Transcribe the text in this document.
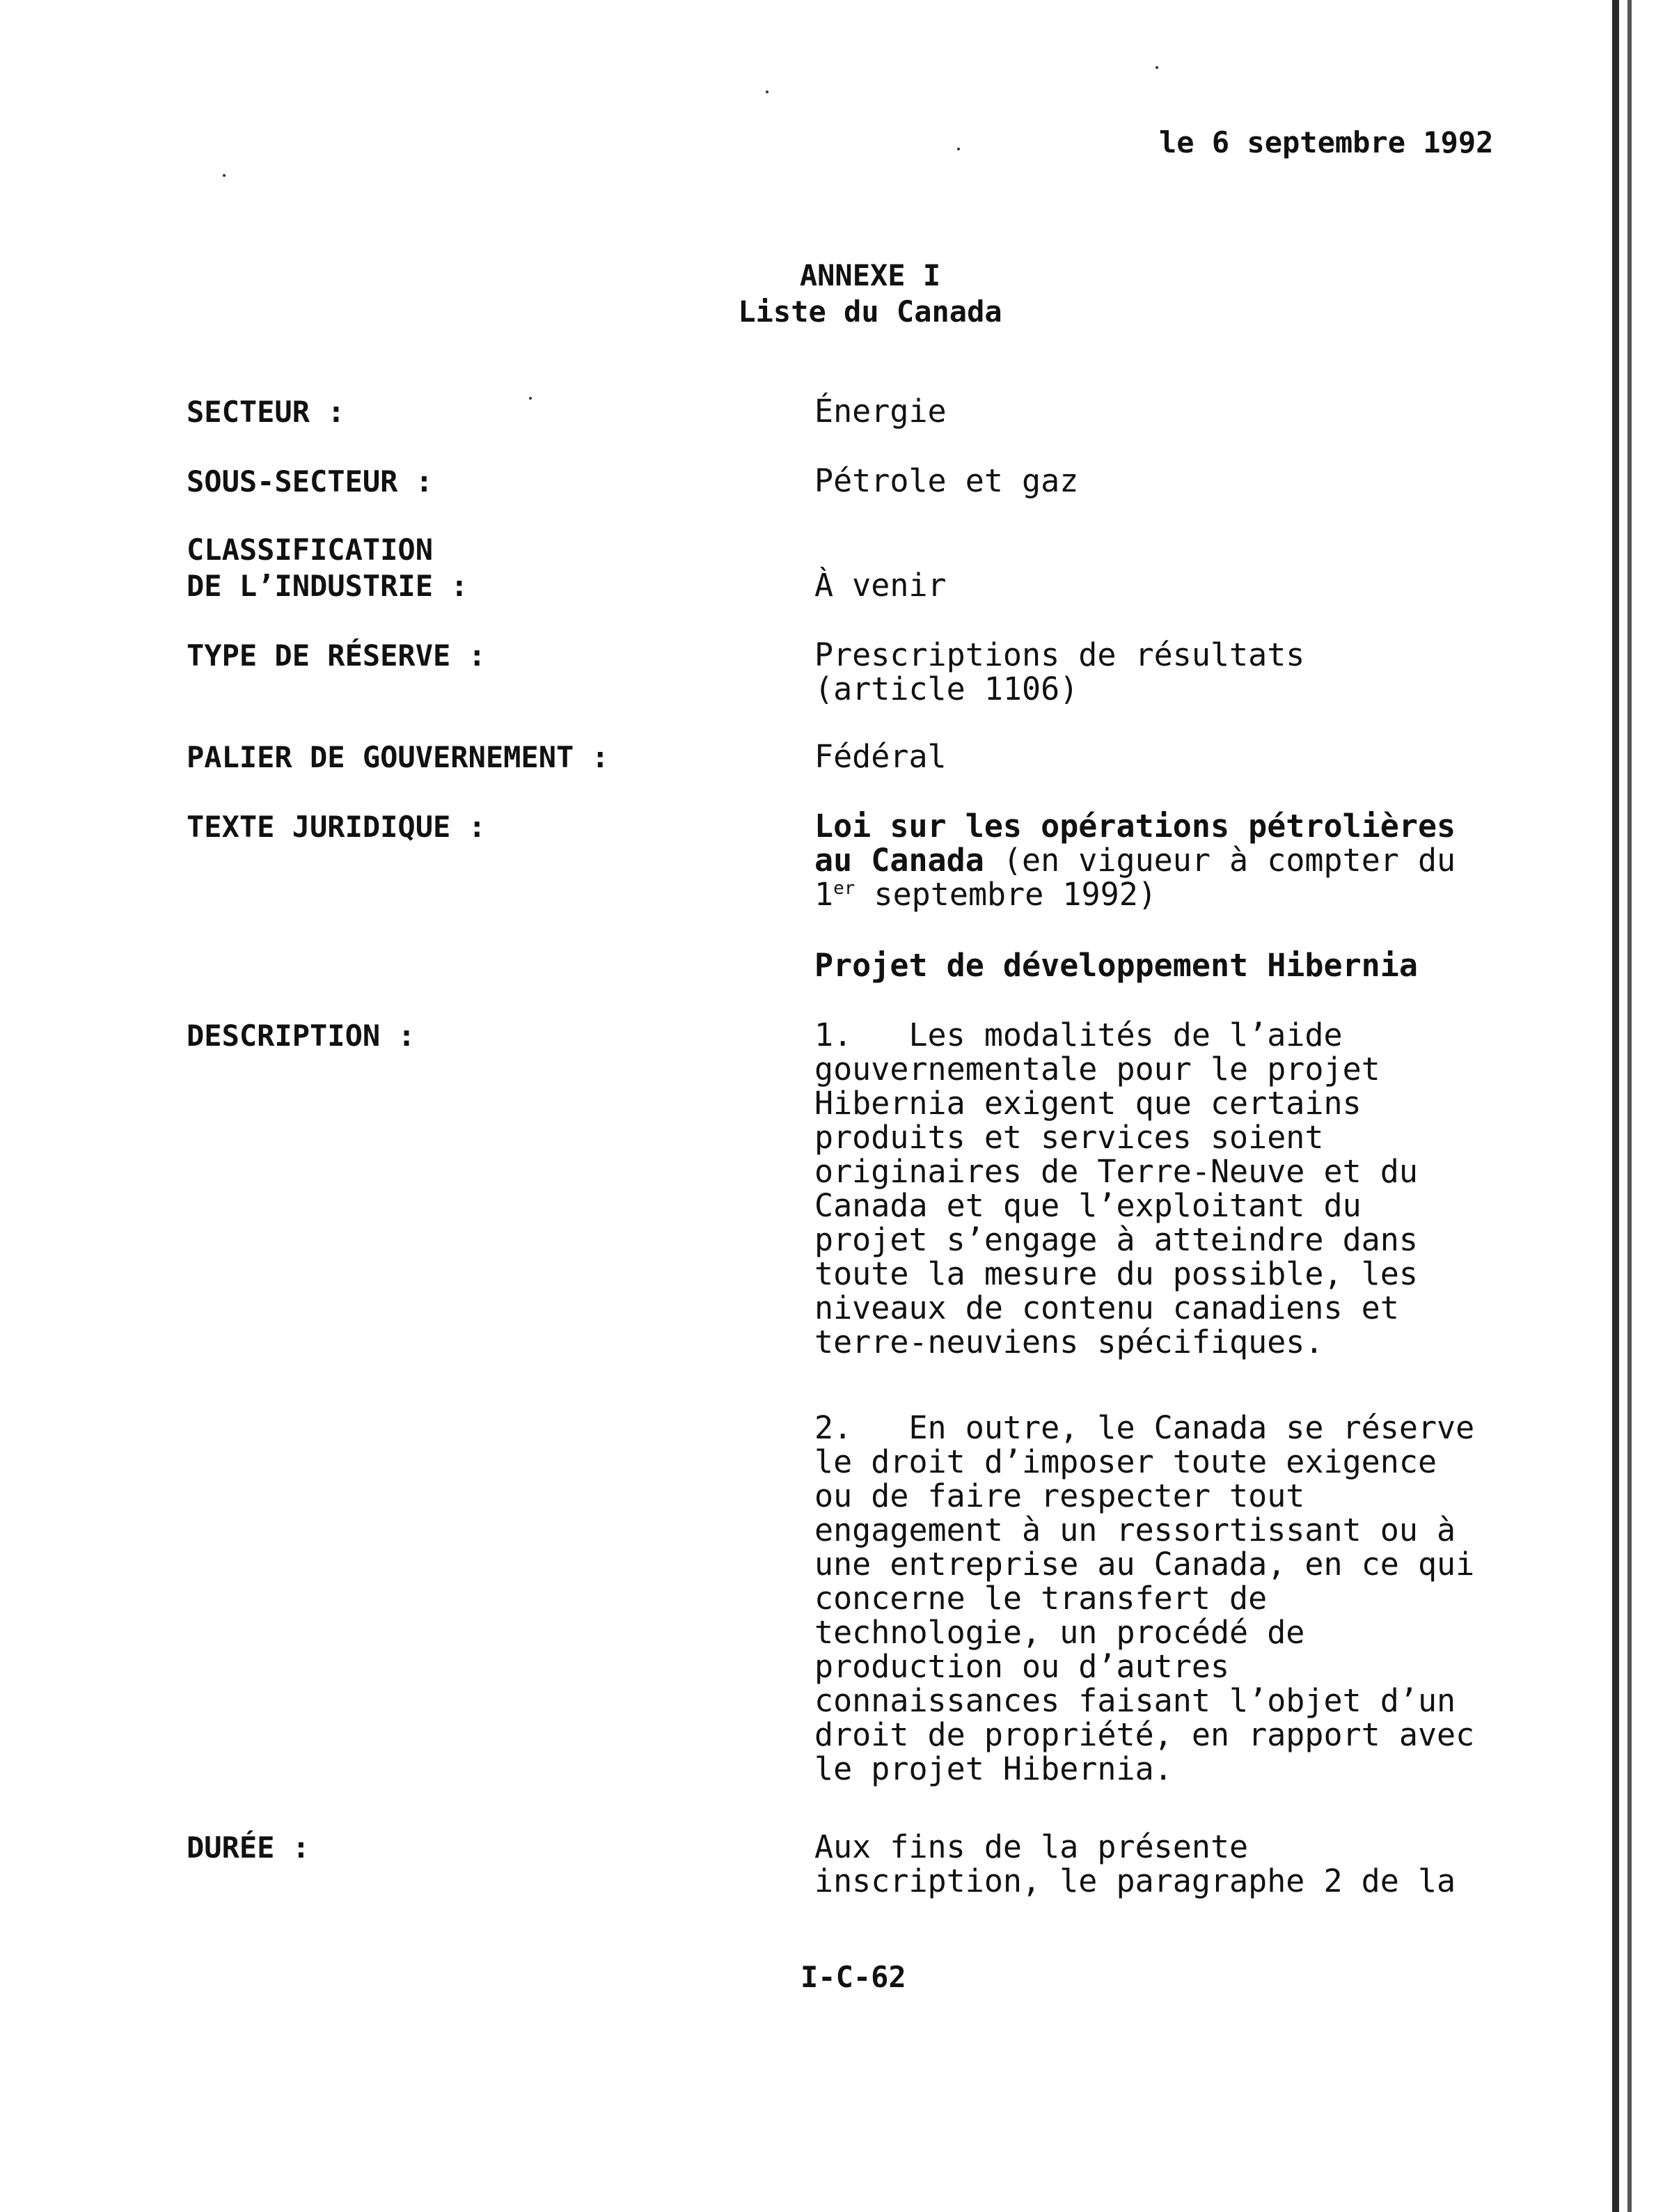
le 6 septembre 1992
ANNEXE I
Liste du Canada
SECTEUR :	Énergie
SOUS-SECTEUR :	Pétrole et gaz
CLASSIFICATION
DE L’INDUSTRIE :	À venir
TYPE DE RÉSERVE :	Prescriptions de résultats
(article 1106)
PALIER DE GOUVERNEMENT :	Fédéral
TEXTE JURIDIQUE :	Loi sur les opérations pétrolières
au Canada (en vigueur à compter du
1er septembre 1992)
Projet de développement Hibernia
DESCRIPTION :	1.   Les modalités de l’aide
gouvernementale pour le projet
Hibernia exigent que certains
produits et services soient
originaires de Terre-Neuve et du
Canada et que l’exploitant du
projet s’engage à atteindre dans
toute la mesure du possible, les
niveaux de contenu canadiens et
terre-neuviens spécifiques.
2.   En outre, le Canada se réserve
le droit d’imposer toute exigence
ou de faire respecter tout
engagement à un ressortissant ou à
une entreprise au Canada, en ce qui
concerne le transfert de
technologie, un procédé de
production ou d’autres
connaissances faisant l’objet d’un
droit de propriété, en rapport avec
le projet Hibernia.
DURÉE :	Aux fins de la présente
inscription, le paragraphe 2 de la
I-C-62
